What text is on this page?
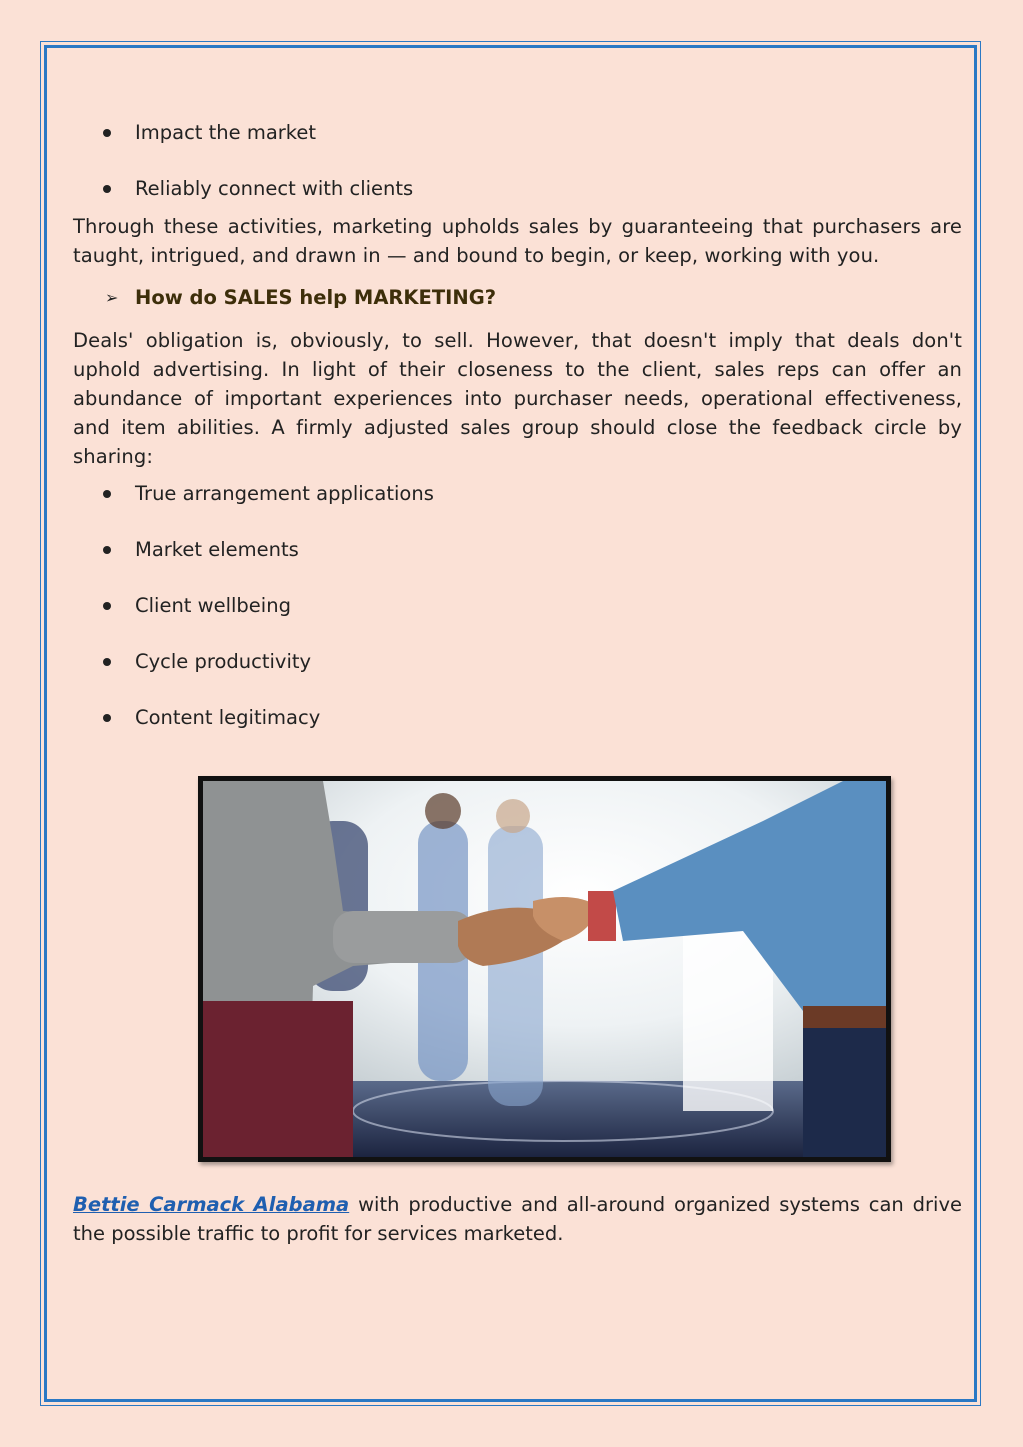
Impact the market
Reliably connect with clients

Through these activities, marketing upholds sales by guaranteeing that purchasers are taught, intrigued, and drawn in — and bound to begin, or keep, working with you.

➢ How do SALES help MARKETING?

Deals' obligation is, obviously, to sell. However, that doesn't imply that deals don't uphold advertising. In light of their closeness to the client, sales reps can offer an abundance of important experiences into purchaser needs, operational effectiveness, and item abilities. A firmly adjusted sales group should close the feedback circle by sharing:

True arrangement applications
Market elements
Client wellbeing
Cycle productivity
Content legitimacy

Bettie Carmack Alabama with productive and all-around organized systems can drive the possible traffic to profit for services marketed.
